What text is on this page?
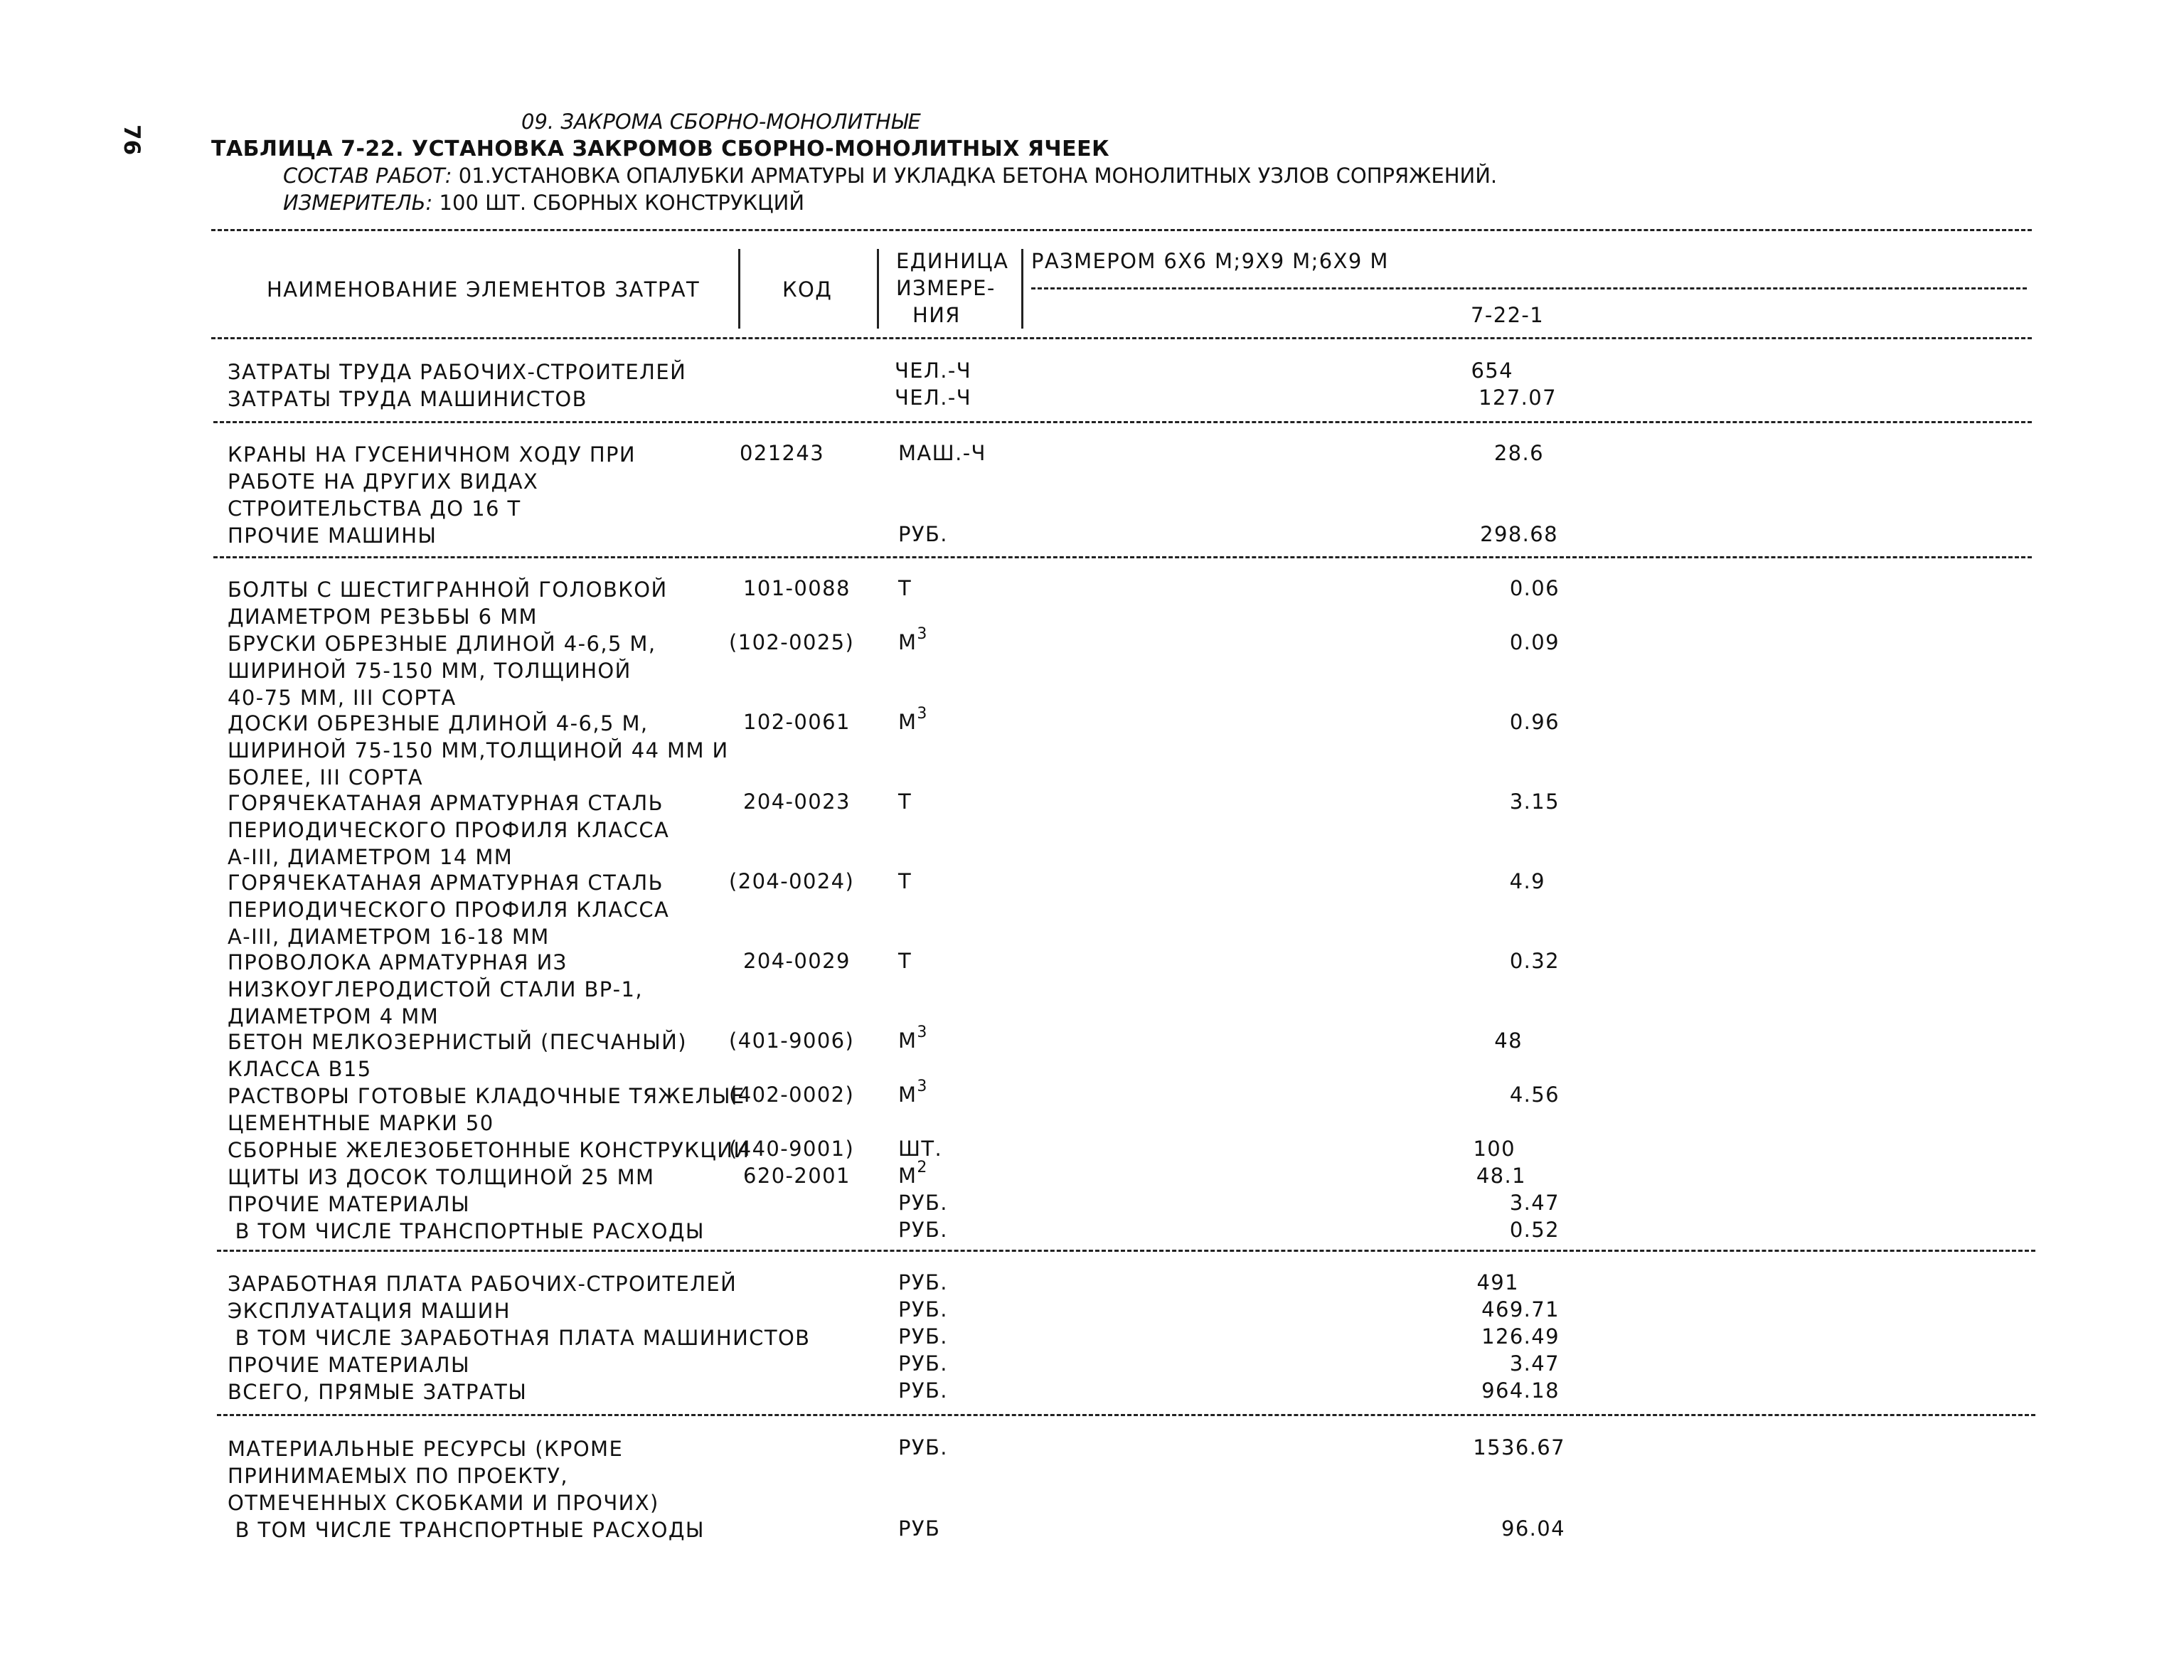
76
09. ЗАКРОМА СБОРНО-МОНОЛИТНЫЕ
ТАБЛИЦА 7-22. УСТАНОВКА ЗАКРОМОВ СБОРНО-МОНОЛИТНЫХ ЯЧЕЕК
СОСТАВ РАБОТ: 01.УСТАНОВКА ОПАЛУБКИ АРМАТУРЫ И УКЛАДКА БЕТОНА МОНОЛИТНЫХ УЗЛОВ СОПРЯЖЕНИЙ.
ИЗМЕРИТЕЛЬ: 100 ШТ. СБОРНЫХ КОНСТРУКЦИЙ
НАИМЕНОВАНИЕ ЭЛЕМЕНТОВ ЗАТРАТ	КОД
ЕДИНИЦА
ИЗМЕРЕ-
НИЯ
РАЗМЕРОМ 6Х6 М;9Х9 М;6Х9 М
7-22-1
ЗАТРАТЫ ТРУДА РАБОЧИХ-СТРОИТЕЛЕЙ	ЧЕЛ.-Ч	654
ЗАТРАТЫ ТРУДА МАШИНИСТОВ	ЧЕЛ.-Ч	127.07
КРАНЫ НА ГУСЕНИЧНОМ ХОДУ ПРИ
РАБОТЕ НА ДРУГИХ ВИДАХ
СТРОИТЕЛЬСТВА ДО 16 Т
021243	МАШ.-Ч	28.6
ПРОЧИЕ МАШИНЫ	РУБ.	298.68
БОЛТЫ С ШЕСТИГРАННОЙ ГОЛОВКОЙ
ДИАМЕТРОМ РЕЗЬБЫ 6 ММ
101-0088 Т	0.06
БРУСКИ ОБРЕЗНЫЕ ДЛИНОЙ 4-6,5 М,
ШИРИНОЙ 75-150 ММ, ТОЛЩИНОЙ
40-75 ММ, III СОРТА
(102-0025) $М^3$	0.09
ДОСКИ ОБРЕЗНЫЕ ДЛИНОЙ 4-6,5 М,
ШИРИНОЙ 75-150 ММ,ТОЛЩИНОЙ 44 ММ И
БОЛЕЕ, III СОРТА
102-0061 $М^3$	0.96
ГОРЯЧЕКАТАНАЯ АРМАТУРНАЯ СТАЛЬ
ПЕРИОДИЧЕСКОГО ПРОФИЛЯ КЛАССА
А-III, ДИАМЕТРОМ 14 ММ
204-0023 Т	3.15
ГОРЯЧЕКАТАНАЯ АРМАТУРНАЯ СТАЛЬ
ПЕРИОДИЧЕСКОГО ПРОФИЛЯ КЛАССА
А-III, ДИАМЕТРОМ 16-18 ММ
(204-0024) Т	4.9
ПРОВОЛОКА АРМАТУРНАЯ ИЗ
НИЗКОУГЛЕРОДИСТОЙ СТАЛИ ВР-1,
ДИАМЕТРОМ 4 ММ
204-0029 Т	0.32
БЕТОН МЕЛКОЗЕРНИСТЫЙ (ПЕСЧАНЫЙ)
КЛАССА В15
(401-9006) $М^3$	48
РАСТВОРЫ ГОТОВЫЕ КЛАДОЧНЫЕ ТЯЖЕЛЫЕ
ЦЕМЕНТНЫЕ МАРКИ 50
(402-0002) $М^3$	4.56
СБОРНЫЕ ЖЕЛЕЗОБЕТОННЫЕ КОНСТРУКЦИИ
(440-9001) ШТ.	100
ЩИТЫ ИЗ ДОСОК ТОЛЩИНОЙ 25 ММ	620-2001 $М^2$	48.1
ПРОЧИЕ МАТЕРИАЛЫ	РУБ.	3.47
В ТОМ ЧИСЛЕ ТРАНСПОРТНЫЕ РАСХОДЫ	РУБ.	0.52
ЗАРАБОТНАЯ ПЛАТА РАБОЧИХ-СТРОИТЕЛЕЙ	РУБ.	491
ЭКСПЛУАТАЦИЯ МАШИН	РУБ.	469.71
В ТОМ ЧИСЛЕ ЗАРАБОТНАЯ ПЛАТА МАШИНИСТОВ	РУБ.	126.49
ПРОЧИЕ МАТЕРИАЛЫ	РУБ.	3.47
ВСЕГО, ПРЯМЫЕ ЗАТРАТЫ	РУБ.	964.18
МАТЕРИАЛЬНЫЕ РЕСУРСЫ (КРОМЕ
ПРИНИМАЕМЫХ ПО ПРОЕКТУ,
ОТМЕЧЕННЫХ СКОБКАМИ И ПРОЧИХ)
РУБ.	1536.67
В ТОМ ЧИСЛЕ ТРАНСПОРТНЫЕ РАСХОДЫ	РУБ	96.04
